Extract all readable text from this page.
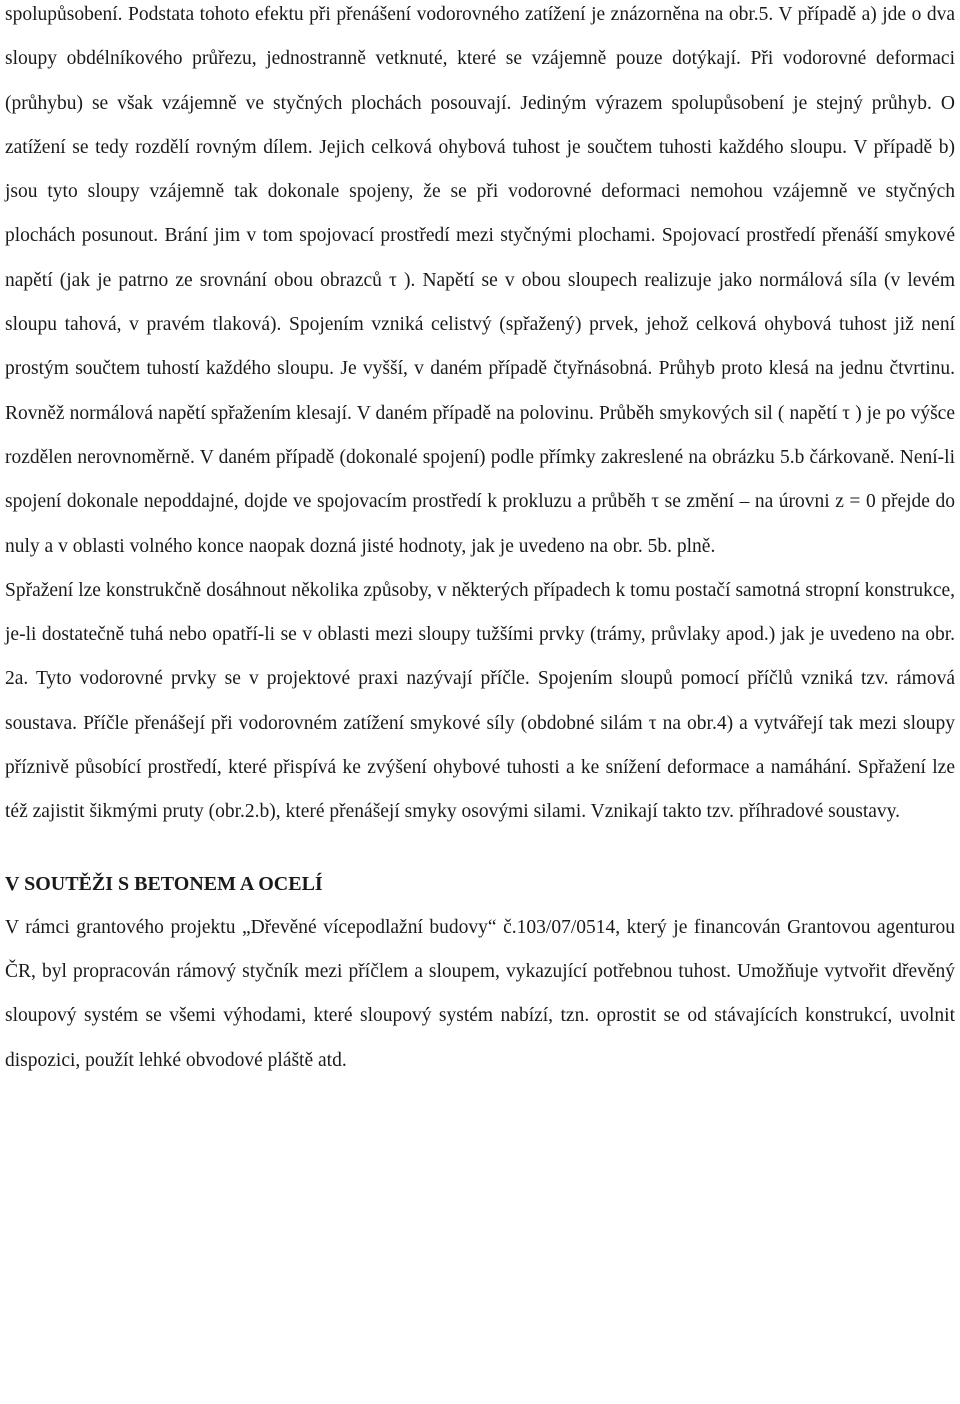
spolupůsobení. Podstata tohoto efektu při přenášení vodorovného zatížení je znázorněna na obr.5. V případě a) jde o dva sloupy obdélníkového průřezu, jednostranně vetknuté, které se vzájemně pouze dotýkají. Při vodorovné deformaci (průhybu) se však vzájemně ve styčných plochách posouvají. Jediným výrazem spolupůsobení je stejný průhyb. O zatížení se tedy rozdělí rovným dílem. Jejich celková ohybová tuhost je součtem tuhosti každého sloupu. V případě b) jsou tyto sloupy vzájemně tak dokonale spojeny, že se při vodorovné deformaci nemohou vzájemně ve styčných plochách posunout. Brání jim v tom spojovací prostředí mezi styčnými plochami. Spojovací prostředí přenáší smykové napětí (jak je patrno ze srovnání obou obrazců τ ). Napětí se v obou sloupech realizuje jako normálová síla (v levém sloupu tahová, v pravém tlaková). Spojením vzniká celistvý (spřažený) prvek, jehož celková ohybová tuhost již není prostým součtem tuhostí každého sloupu. Je vyšší, v daném případě čtyřnásobná. Průhyb proto klesá na jednu čtvrtinu. Rovněž normálová napětí spřažením klesají. V daném případě na polovinu. Průběh smykových sil ( napětí τ ) je po výšce rozdělen nerovnoměrně. V daném případě (dokonalé spojení) podle přímky zakreslené na obrázku 5.b čárkovaně. Není-li spojení dokonale nepoddajné, dojde ve spojovacím prostředí k prokluzu a průběh τ se změní – na úrovni z = 0 přejde do nuly a v oblasti volného konce naopak dozná jisté hodnoty, jak je uvedeno na obr. 5b. plně.

Spřažení lze konstrukčně dosáhnout několika způsoby, v některých případech k tomu postačí samotná stropní konstrukce, je-li dostatečně tuhá nebo opatří-li se v oblasti mezi sloupy tužšími prvky (trámy, průvlaky apod.) jak je uvedeno na obr. 2a. Tyto vodorovné prvky se v projektové praxi nazývají příčle. Spojením sloupů pomocí příčlů vzniká tzv. rámová soustava. Příčle přenášejí při vodorovném zatížení smykové síly (obdobné silám τ na obr.4) a vytvářejí tak mezi sloupy příznivě působící prostředí, které přispívá ke zvýšení ohybové tuhosti a ke snížení deformace a namáhání. Spřažení lze též zajistit šikmými pruty (obr.2.b), které přenášejí smyky osovými silami. Vznikají takto tzv. příhradové soustavy.

V SOUTĚŽI S BETONEM A OCELÍ

V rámci grantového projektu „Dřevěné vícepodlažní budovy“ č.103/07/0514, který je financován Grantovou agenturou ČR, byl propracován rámový styčník mezi příčlem a sloupem, vykazující potřebnou tuhost. Umožňuje vytvořit dřevěný sloupový systém se všemi výhodami, které sloupový systém nabízí, tzn. oprostit se od stávajících konstrukcí, uvolnit dispozici, použít lehké obvodové pláště atd.
